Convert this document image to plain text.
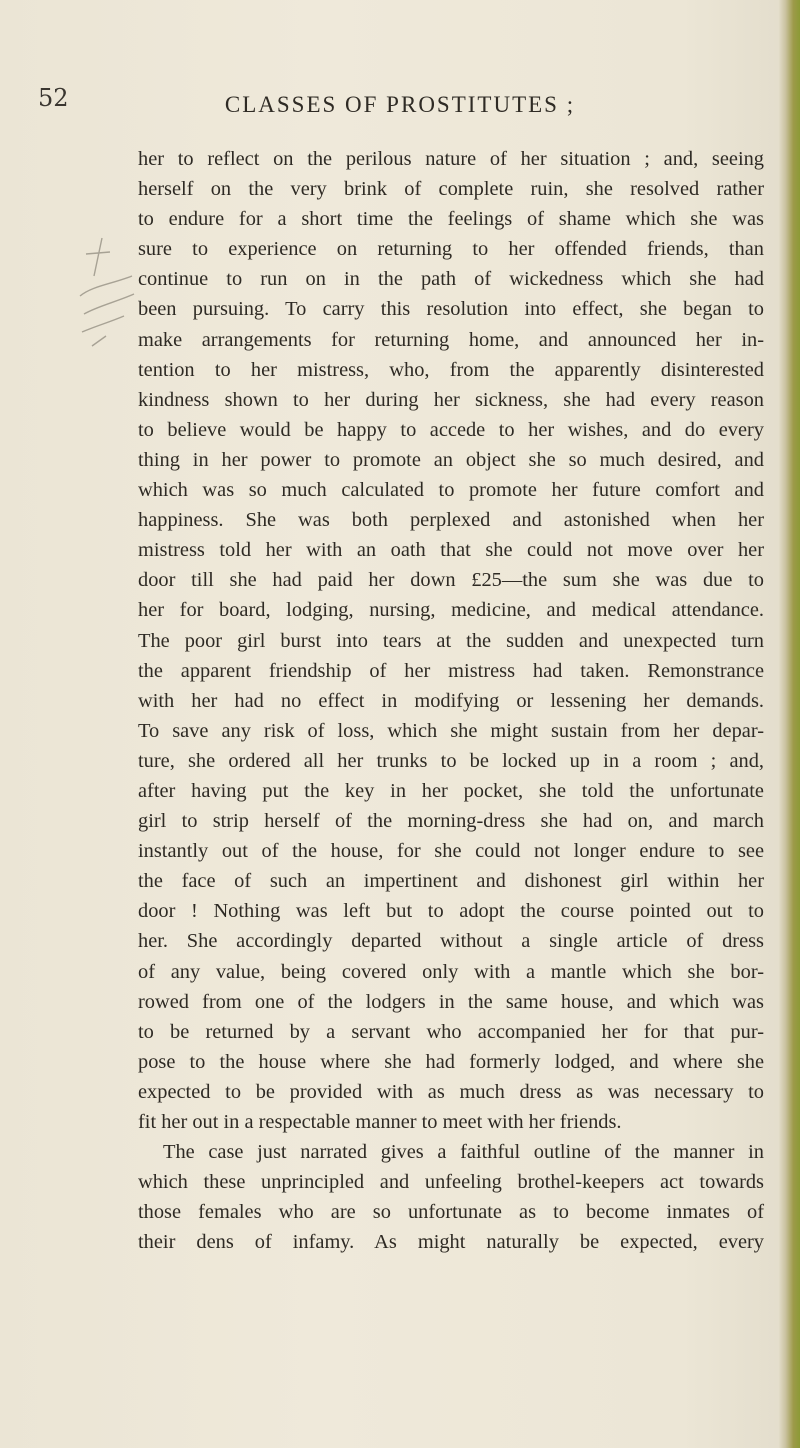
52	CLASSES OF PROSTITUTES ;
her to reflect on the perilous nature of her situation ; and, seeing
herself on the very brink of complete ruin, she resolved rather
to endure for a short time the feelings of shame which she was
sure to experience on returning to her offended friends, than
continue to run on in the path of wickedness which she had
been pursuing. To carry this resolution into effect, she began to
make arrangements for returning home, and announced her in-
tention to her mistress, who, from the apparently disinterested
kindness shown to her during her sickness, she had every reason
to believe would be happy to accede to her wishes, and do every
thing in her power to promote an object she so much desired, and
which was so much calculated to promote her future comfort and
happiness. She was both perplexed and astonished when her
mistress told her with an oath that she could not move over her
door till she had paid her down £25—the sum she was due to
her for board, lodging, nursing, medicine, and medical attendance.
The poor girl burst into tears at the sudden and unexpected turn
the apparent friendship of her mistress had taken. Remonstrance
with her had no effect in modifying or lessening her demands.
To save any risk of loss, which she might sustain from her depar-
ture, she ordered all her trunks to be locked up in a room ; and,
after having put the key in her pocket, she told the unfortunate
girl to strip herself of the morning-dress she had on, and march
instantly out of the house, for she could not longer endure to see
the face of such an impertinent and dishonest girl within her
door ! Nothing was left but to adopt the course pointed out to
her. She accordingly departed without a single article of dress
of any value, being covered only with a mantle which she bor-
rowed from one of the lodgers in the same house, and which was
to be returned by a servant who accompanied her for that pur-
pose to the house where she had formerly lodged, and where she
expected to be provided with as much dress as was necessary to
fit her out in a respectable manner to meet with her friends.
The case just narrated gives a faithful outline of the manner in
which these unprincipled and unfeeling brothel-keepers act towards
those females who are so unfortunate as to become inmates of
their dens of infamy. As might naturally be expected, every
